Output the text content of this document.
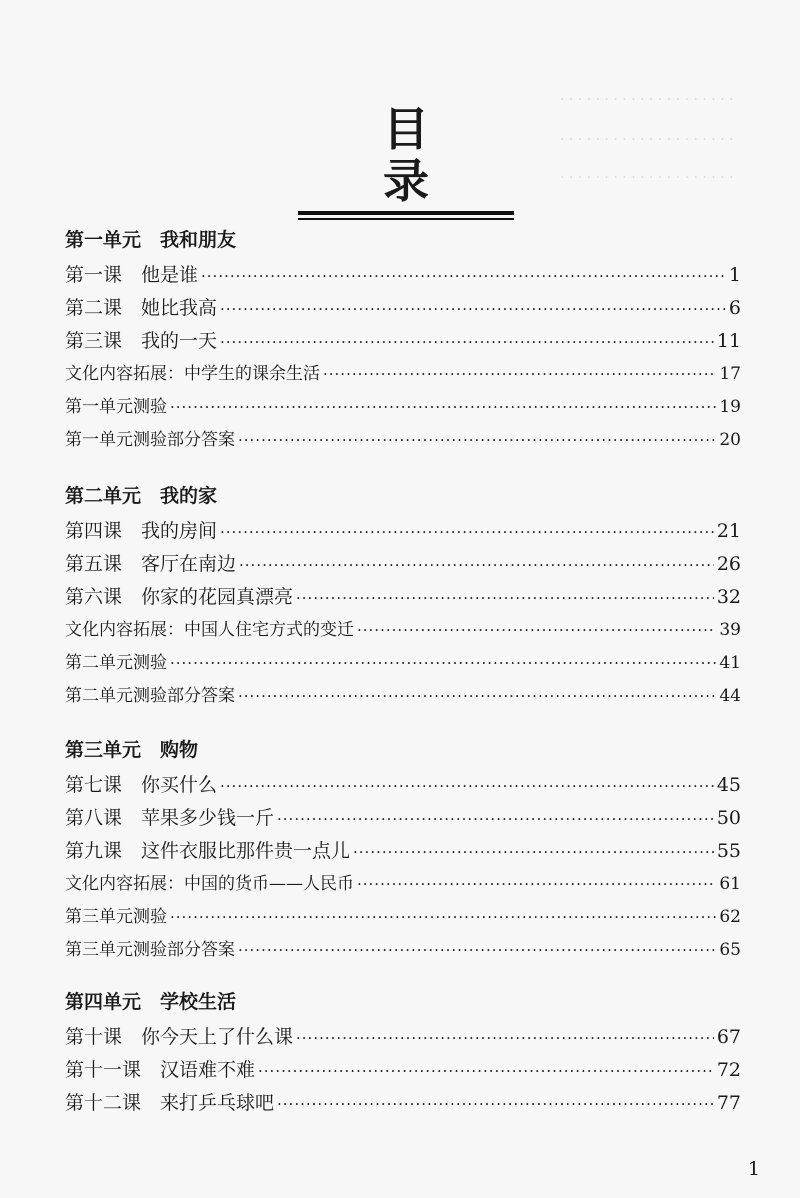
目 录
· · · · · · · · · · · · · · · · · · · ·
· · · · · · · · · · · · · · · · · · · ·
· · · · · · · · · · · · · · · · · · · ·
第一单元　我和朋友
第一课　他是谁 ·····	1
第二课　她比我高 ·····	6
第三课　我的一天 ·····	11
文化内容拓展：中学生的课余生活 ·····	17
第一单元测验 ·····	19
第一单元测验部分答案 ·····	20
第二单元　我的家
第四课　我的房间 ·····	21
第五课　客厅在南边 ·····	26
第六课　你家的花园真漂亮 ·····	32
文化内容拓展：中国人住宅方式的变迁 ·····	39
第二单元测验 ·····	41
第二单元测验部分答案 ·····	44
第三单元　购物
第七课　你买什么 ·····	45
第八课　苹果多少钱一斤 ·····	50
第九课　这件衣服比那件贵一点儿 ·····	55
文化内容拓展：中国的货币——人民币 ·····	61
第三单元测验 ·····	62
第三单元测验部分答案 ·····	65
第四单元　学校生活
第十课　你今天上了什么课 ·····	67
第十一课　汉语难不难 ·····	72
第十二课　来打乒乓球吧 ·····	77
1
